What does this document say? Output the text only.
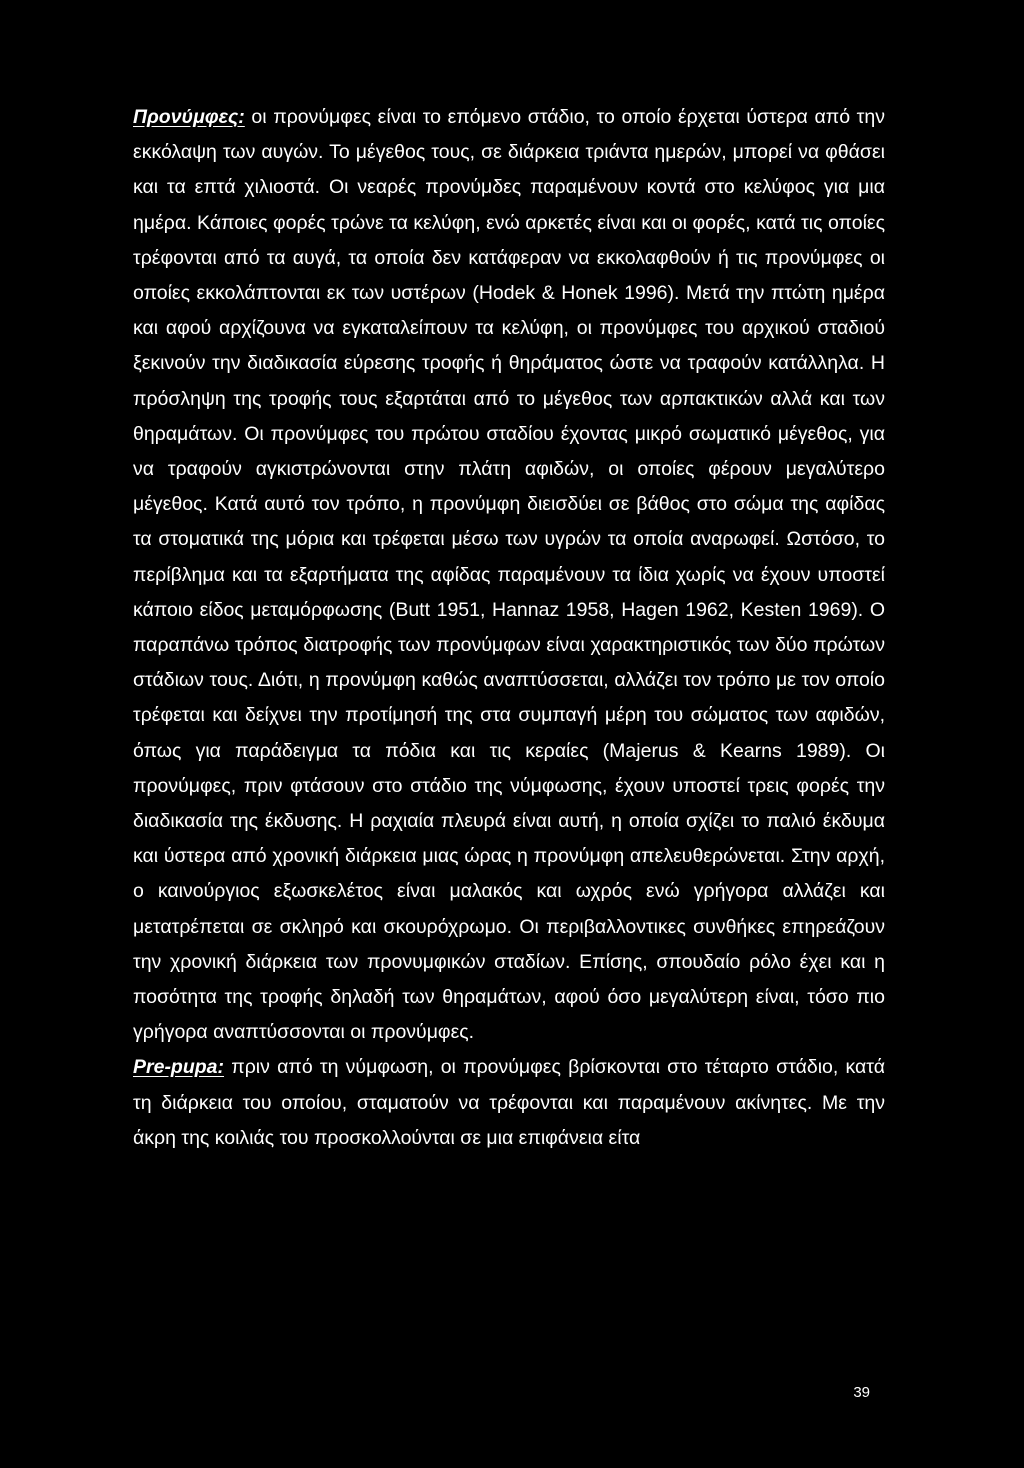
Προνύμφες: οι προνύμφες είναι το επόμενο στάδιο, το οποίο έρχεται ύστερα από την εκκόλαψη των αυγών. Το μέγεθος τους, σε διάρκεια τριάντα ημερών, μπορεί να φθάσει και τα επτά χιλιοστά. Οι νεαρές προνύμδες παραμένουν κοντά στο κελύφος για μια ημέρα. Κάποιες φορές τρώνε τα κελύφη, ενώ αρκετές είναι και οι φορές, κατά τις οποίες τρέφονται από τα αυγά, τα οποία δεν κατάφεραν να εκκολαφθούν ή τις προνύμφες οι οποίες εκκολάπτονται εκ των υστέρων (Hodek & Honek 1996). Μετά την πτώτη ημέρα και αφού αρχίζουνα να εγκαταλείπουν τα κελύφη, οι προνύμφες του αρχικού σταδιού ξεκινούν την διαδικασία εύρεσης τροφής ή θηράματος ώστε να τραφούν κατάλληλα. Η πρόσληψη της τροφής τους εξαρτάται από το μέγεθος των αρπακτικών αλλά και των θηραμάτων. Οι προνύμφες του πρώτου σταδίου έχοντας μικρό σωματικό μέγεθος, για να τραφούν αγκιστρώνονται στην πλάτη αφιδών, οι οποίες φέρουν μεγαλύτερο μέγεθος. Κατά αυτό τον τρόπο, η προνύμφη διεισδύει σε βάθος στο σώμα της αφίδας τα στοματικά της μόρια και τρέφεται μέσω των υγρών τα οποία αναρωφεί. Ωστόσο, το περίβλημα και τα εξαρτήματα της αφίδας παραμένουν τα ίδια χωρίς να έχουν υποστεί κάποιο είδος μεταμόρφωσης (Butt 1951, Hannaz 1958, Hagen 1962, Kesten 1969). Ο παραπάνω τρόπος διατροφής των προνύμφων είναι χαρακτηριστικός των δύο πρώτων στάδιων τους. Διότι, η προνύμφη καθώς αναπτύσσεται, αλλάζει τον τρόπο με τον οποίο τρέφεται και δείχνει την προτίμησή της στα συμπαγή μέρη του σώματος των αφιδών, όπως για παράδειγμα τα πόδια και τις κεραίες (Majerus & Kearns 1989). Οι προνύμφες, πριν φτάσουν στο στάδιο της νύμφωσης, έχουν υποστεί τρεις φορές την διαδικασία της έκδυσης. Η ραχιαία πλευρά είναι αυτή, η οποία σχίζει το παλιό έκδυμα και ύστερα από χρονική διάρκεια μιας ώρας η προνύμφη απελευθερώνεται. Στην αρχή, ο καινούργιος εξωσκελέτος είναι μαλακός και ωχρός ενώ γρήγορα αλλάζει και μετατρέπεται σε σκληρό και σκουρόχρωμο. Οι περιβαλλοντικες συνθήκες επηρεάζουν την χρονική διάρκεια των προνυμφικών σταδίων. Επίσης, σπουδαίο ρόλο έχει και η ποσότητα της τροφής δηλαδή των θηραμάτων, αφού όσο μεγαλύτερη είναι, τόσο πιο γρήγορα αναπτύσσονται οι προνύμφες.

Pre-pupa: πριν από τη νύμφωση, οι προνύμφες βρίσκονται στο τέταρτο στάδιο, κατά τη διάρκεια του οποίου, σταματούν να τρέφονται και παραμένουν ακίνητες. Με την άκρη της κοιλιάς του προσκολλούνται σε μια επιφάνεια είτα

39
